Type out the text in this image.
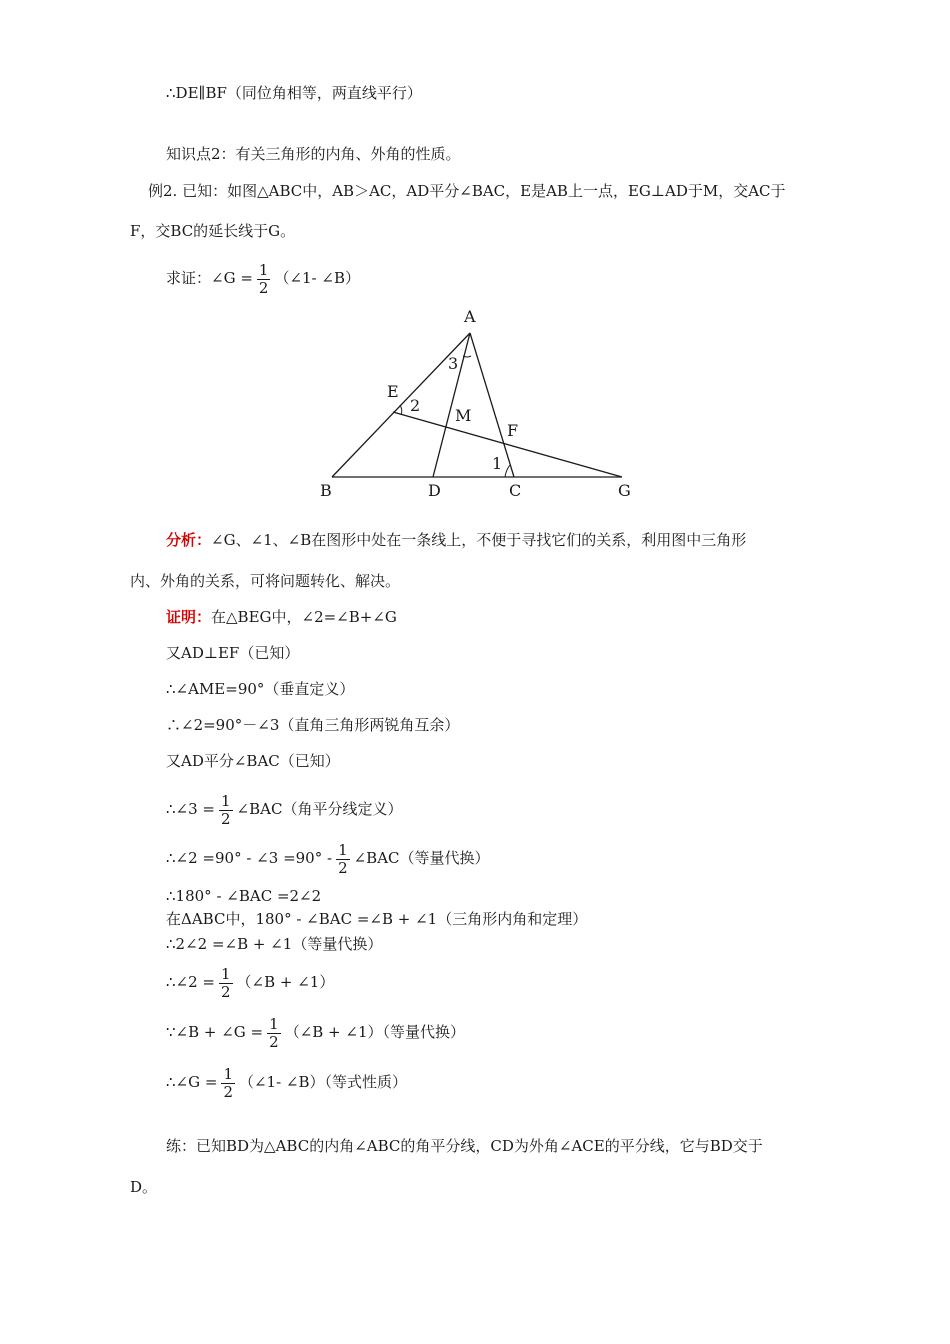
∴DE∥BF（同位角相等，两直线平行）
知识点2：有关三角形的内角、外角的性质。
例2. 已知：如图△ABC中，AB＞AC，AD平分∠BAC，E是AB上一点，EG⊥AD于M，交AC于
F，交BC的延长线于G。
求证：∠G = $\frac{1}{2}$ （∠1- ∠B）
A
E
M
F
B	D	C	G
3
2
1
分析：∠G、∠1、∠B在图形中处在一条线上，不便于寻找它们的关系，利用图中三角形
内、外角的关系，可将问题转化、解决。
证明：在△BEG中，∠2=∠B+∠G
又AD⊥EF（已知）
∴∠AME=90°（垂直定义）
∴∠2=90°－∠3（直角三角形两锐角互余）
又AD平分∠BAC（已知）
∴∠3 = $\frac{1}{2}$ ∠BAC（角平分线定义）
∴∠2 =90° - ∠3 $=90^\circ - \frac{1}{2}$ ∠BAC（等量代换）
∴180° - ∠BAC =2∠2
在ΔABC中，180° - ∠BAC =∠B + ∠1（三角形内角和定理）
∴2∠2 =∠B + ∠1（等量代换）
∴∠2 = $\frac{1}{2}$ （∠B + ∠1）
∵∠B + ∠G = $\frac{1}{2}$ （∠B + ∠1）（等量代换）
∴∠G = $\frac{1}{2}$ （∠1- ∠B）（等式性质）
练：已知BD为△ABC的内角∠ABC的角平分线，CD为外角∠ACE的平分线，它与BD交于
D。
